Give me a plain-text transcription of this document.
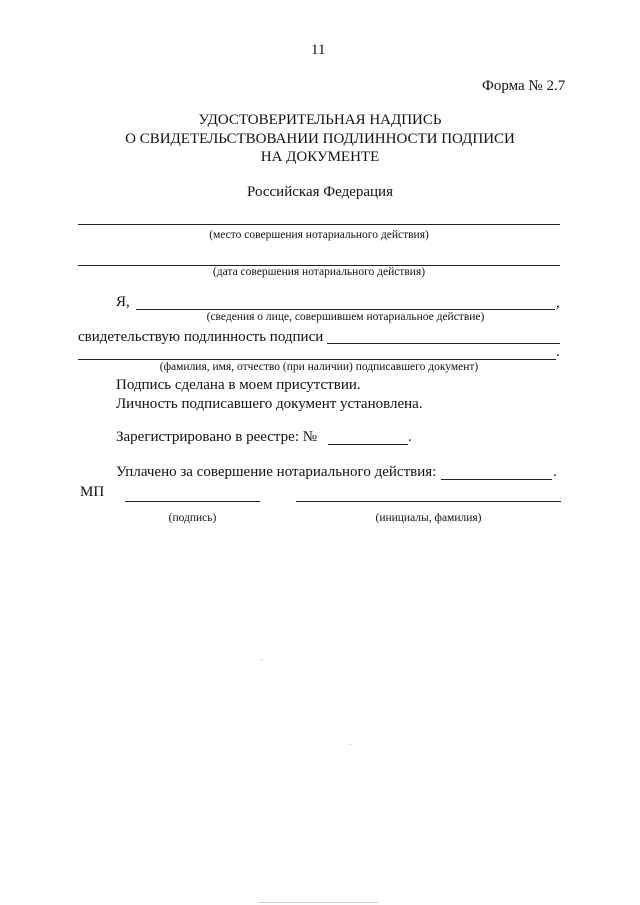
11
Форма № 2.7
УДОСТОВЕРИТЕЛЬНАЯ НАДПИСЬ
О СВИДЕТЕЛЬСТВОВАНИИ ПОДЛИННОСТИ ПОДПИСИ
НА ДОКУМЕНТЕ
Российская Федерация
(место совершения нотариального действия)
(дата совершения нотариального действия)
Я,	,
(сведения о лице, совершившем нотариальное действие)
свидетельствую подлинность подписи
.
(фамилия, имя, отчество (при наличии) подписавшего документ)
Подпись сделана в моем присутствии.
Личность подписавшего документ установлена.
Зарегистрировано в реестре: №	.
Уплачено за совершение нотариального действия:	.
МП
(подпись)	(инициалы, фамилия)
